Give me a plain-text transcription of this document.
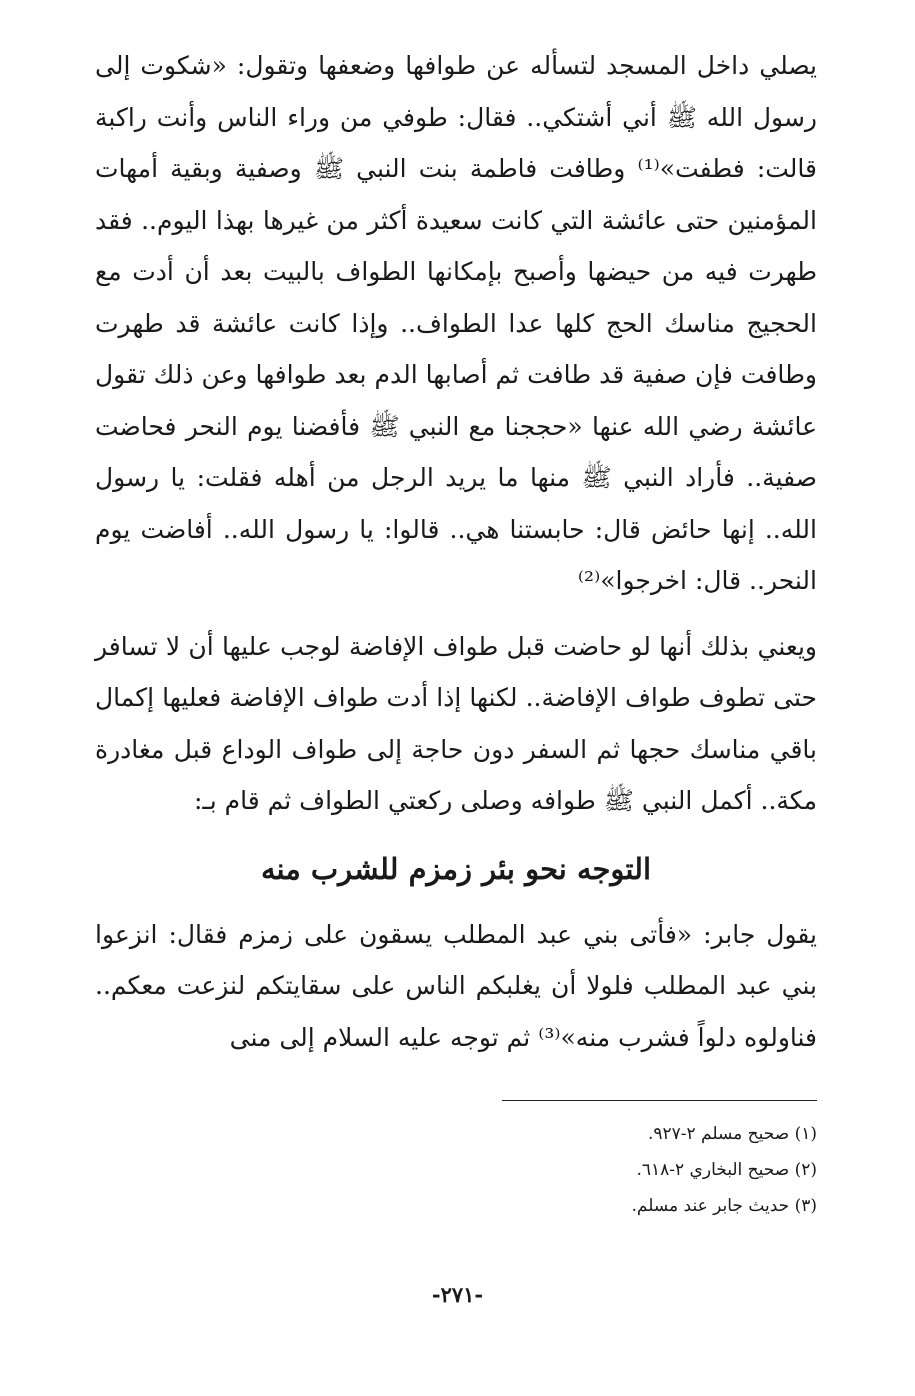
يصلي داخل المسجد لتسأله عن طوافها وضعفها وتقول: «شكوت إلى رسول الله ﷺ أني أشتكي.. فقال: طوفي من وراء الناس وأنت راكبة قالت: فطفت»⁽¹⁾ وطافت فاطمة بنت النبي ﷺ وصفية وبقية أمهات المؤمنين حتى عائشة التي كانت سعيدة أكثر من غيرها بهذا اليوم.. فقد طهرت فيه من حيضها وأصبح بإمكانها الطواف بالبيت بعد أن أدت مع الحجيج مناسك الحج كلها عدا الطواف.. وإذا كانت عائشة قد طهرت وطافت فإن صفية قد طافت ثم أصابها الدم بعد طوافها وعن ذلك تقول عائشة رضي الله عنها «حججنا مع النبي ﷺ فأفضنا يوم النحر فحاضت صفية.. فأراد النبي ﷺ منها ما يريد الرجل من أهله فقلت: يا رسول الله.. إنها حائض قال: حابستنا هي.. قالوا: يا رسول الله.. أفاضت يوم النحر.. قال: اخرجوا»⁽²⁾

ويعني بذلك أنها لو حاضت قبل طواف الإفاضة لوجب عليها أن لا تسافر حتى تطوف طواف الإفاضة.. لكنها إذا أدت طواف الإفاضة فعليها إكمال باقي مناسك حجها ثم السفر دون حاجة إلى طواف الوداع قبل مغادرة مكة.. أكمل النبي ﷺ طوافه وصلى ركعتي الطواف ثم قام بـ:

التوجه نحو بئر زمزم للشرب منه

يقول جابر: «فأتى بني عبد المطلب يسقون على زمزم فقال: انزعوا بني عبد المطلب فلولا أن يغلبكم الناس على سقايتكم لنزعت معكم.. فناولوه دلواً فشرب منه»⁽³⁾ ثم توجه عليه السلام إلى منى

(١) صحيح مسلم ٢-٩٢٧.
(٢) صحيح البخاري ٢-٦١٨.
(٣) حديث جابر عند مسلم.
-٢٧١-
